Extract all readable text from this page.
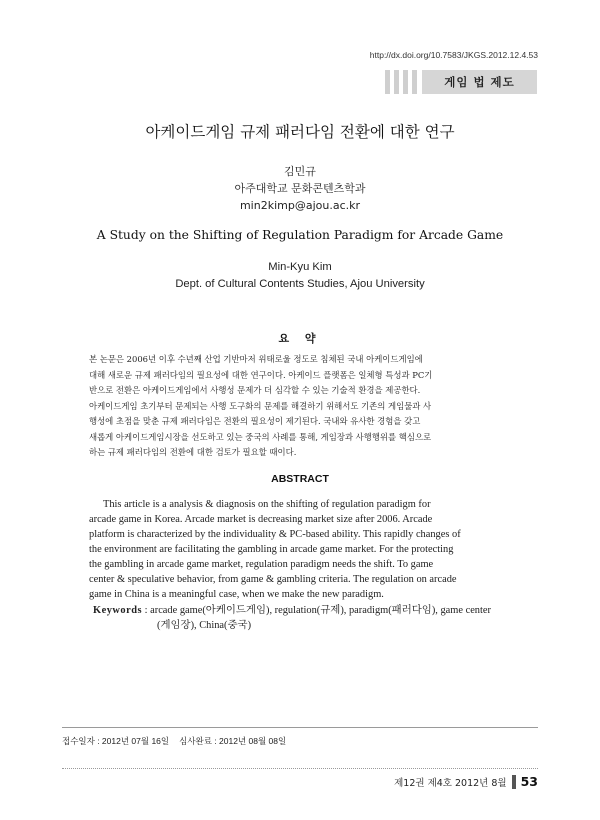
http://dx.doi.org/10.7583/JKGS.2012.12.4.53
게임 법 제도
아케이드게임 규제 패러다임 전환에 대한 연구
김민규
아주대학교 문화콘텐츠학과
min2kimp@ajou.ac.kr
A Study on the Shifting of Regulation Paradigm for Arcade Game
Min-Kyu Kim
Dept. of Cultural Contents Studies, Ajou University
요 약
본 논문은 2006년 이후 수년째 산업 기반마저 위태로울 정도로 침체된 국내 아케이드게임에
대해 새로운 규제 패러다임의 필요성에 대한 연구이다. 아케이드 플랫폼은 일체형 특성과 PC기
반으로 전환은 아케이드게임에서 사행성 문제가 더 심각할 수 있는 기술적 환경을 제공한다.
아케이드게임 초기부터 문제되는 사행 도구화의 문제를 해결하기 위해서도 기존의 게임물과 사
행성에 초점을 맞춘 규제 패러다임은 전환의 필요성이 제기된다. 국내와 유사한 경험을 갖고
새롭게 아케이드게임시장을 선도하고 있는 중국의 사례를 통해, 게임장과 사행행위를 핵심으로
하는 규제 패러다임의 전환에 대한 검토가 필요할 때이다.
ABSTRACT
This article is a analysis & diagnosis on the shifting of regulation paradigm for
arcade game in Korea. Arcade market is decreasing market size after 2006. Arcade
platform is characterized by the individuality & PC-based ability. This rapidly changes of
the environment are facilitating the gambling in arcade game market. For the protecting
the gambling in arcade game market, regulation paradigm needs the shift. To game
center & speculative behavior, from game & gambling criteria. The regulation on arcade
game in China is a meaningful case, when we make the new paradigm.
Keywords : arcade game(아케이드게임), regulation(규제), paradigm(패러다임), game center
(게임장), China(중국)
접수일자 : 2012년 07월 16일 심사완료 : 2012년 08월 08일
제12권 제4호 2012년 8월 53
